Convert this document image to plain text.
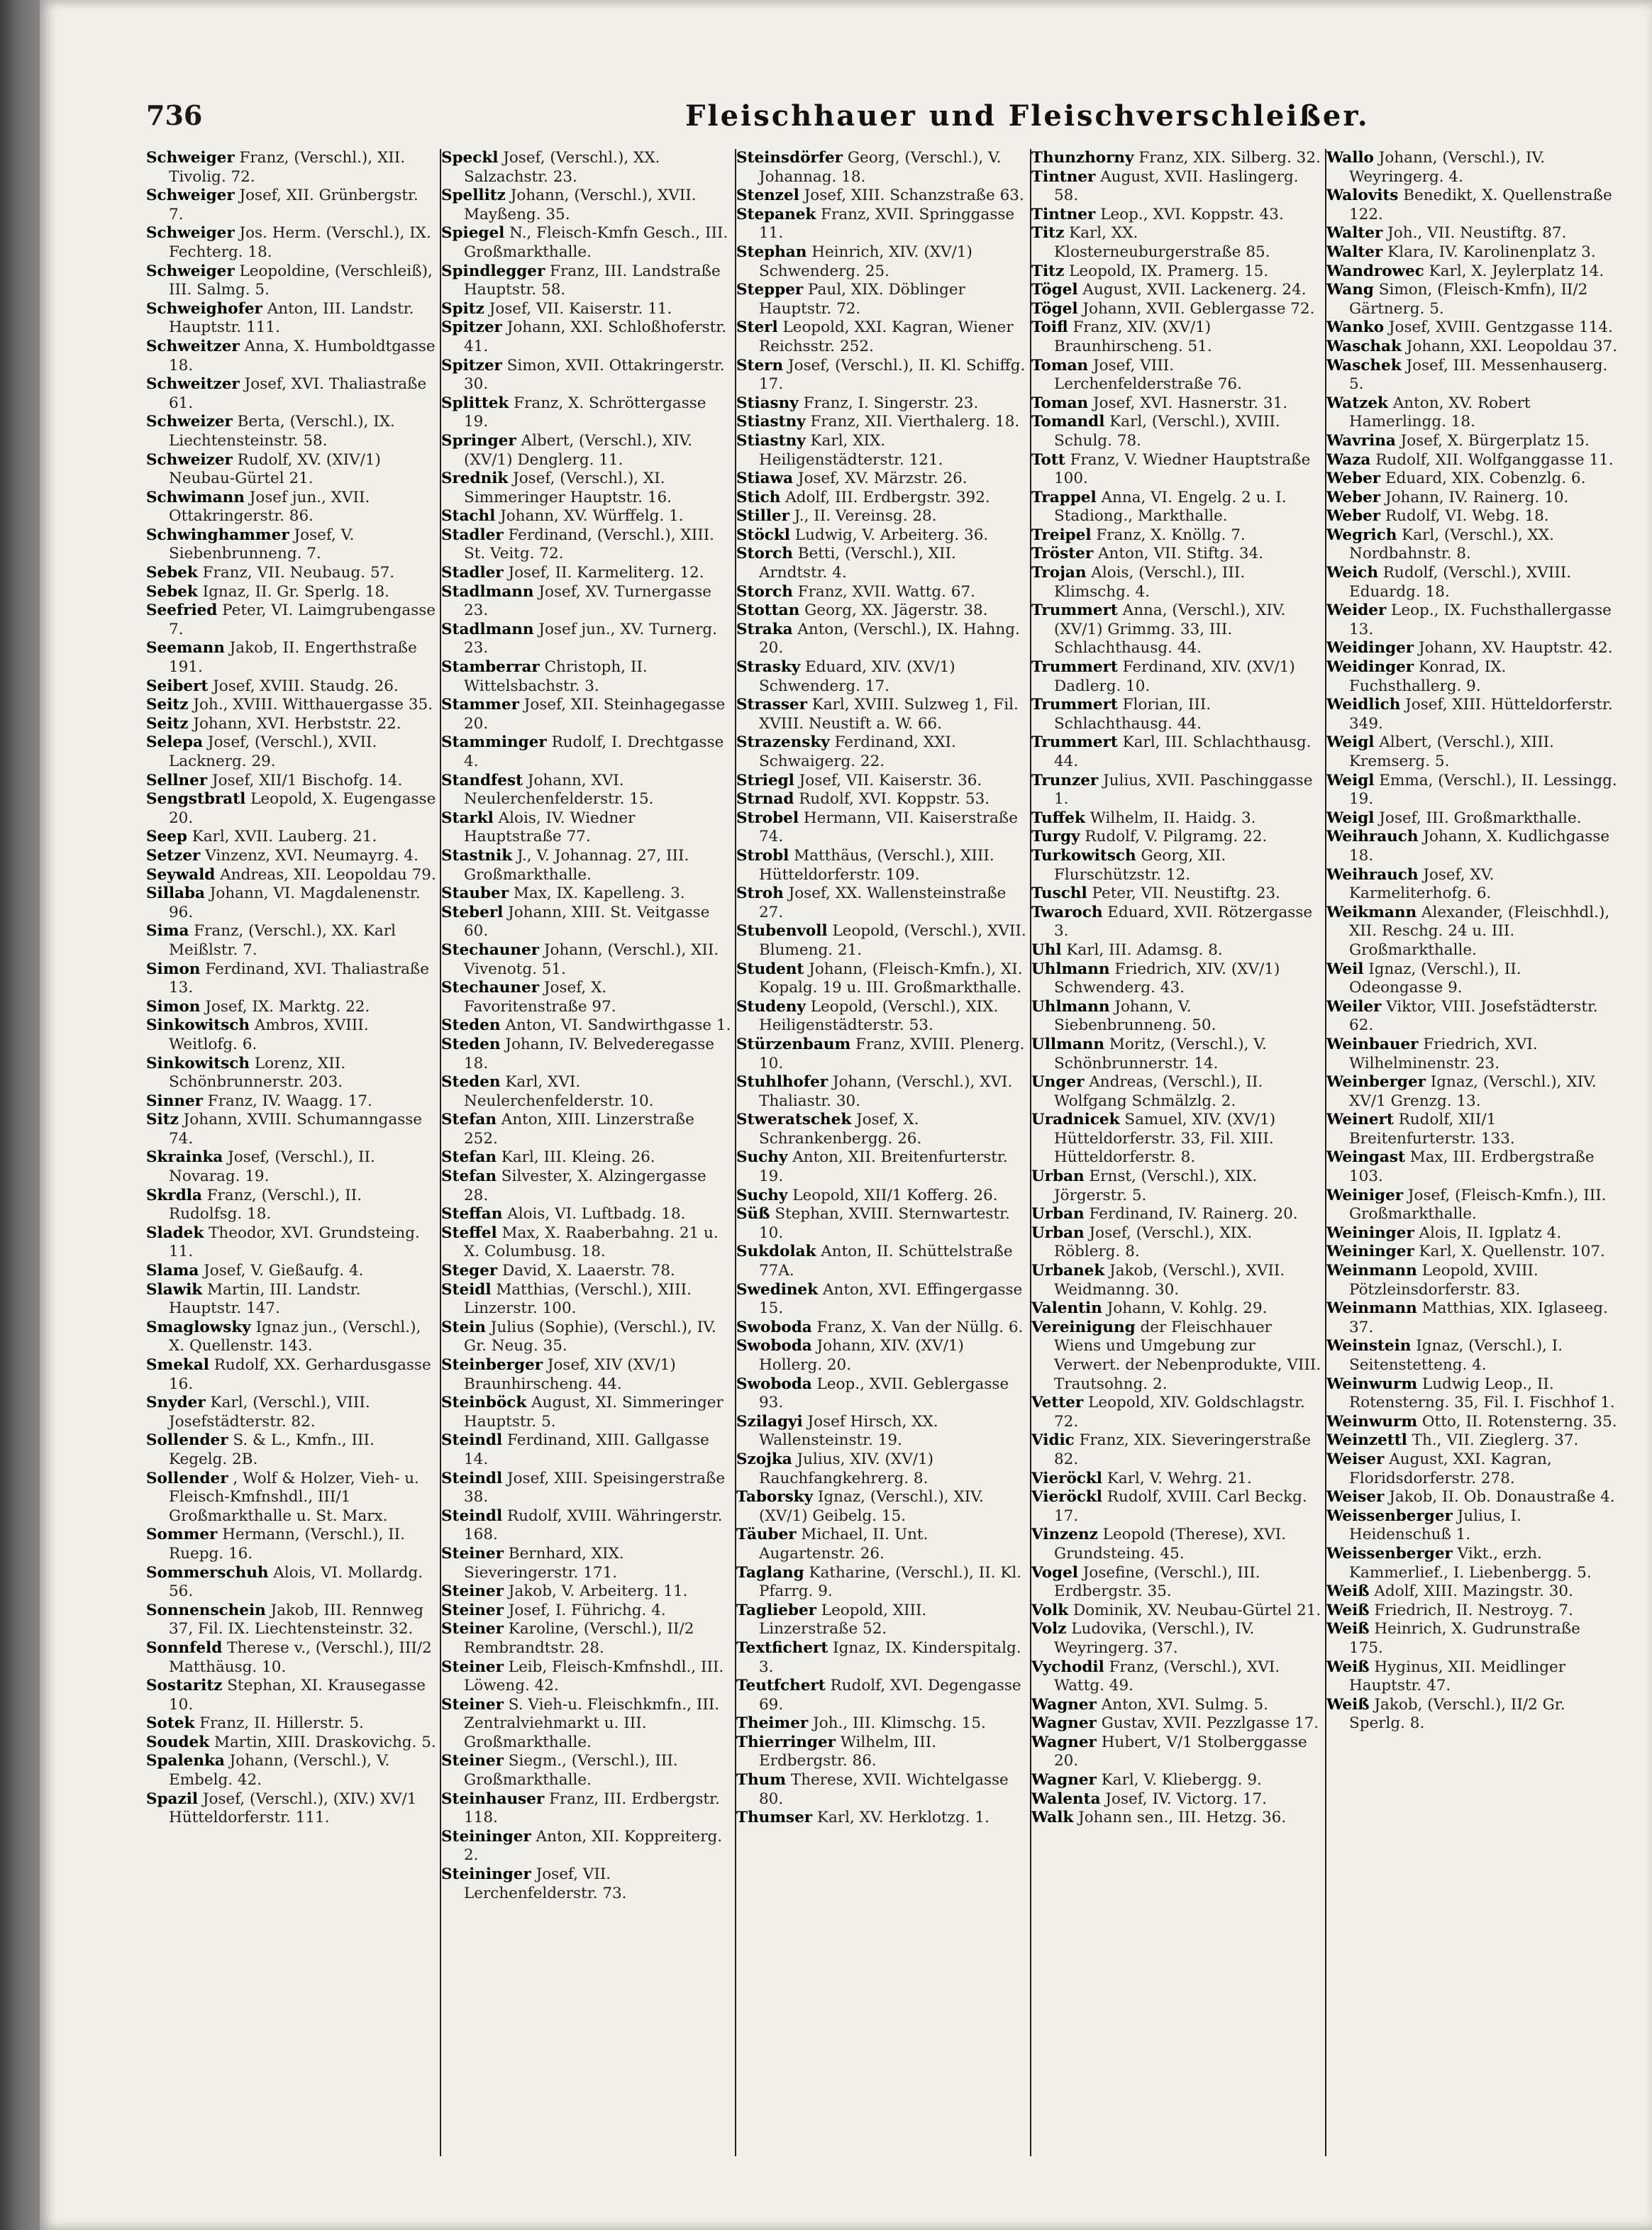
736	Fleischhauer und Fleischverschleißer.

Schweiger Franz, (Verschl.), XII. Tivolig. 72.

Schweiger Josef, XII. Grünbergstr. 7.

Schweiger Jos. Herm. (Verschl.), IX. Fechterg. 18.

Schweiger Leopoldine, (Verschleiß), III. Salmg. 5.

Schweighofer Anton, III. Landstr. Hauptstr. 111.

Schweitzer Anna, X. Humboldtgasse 18.

Schweitzer Josef, XVI. Thaliastraße 61.

Schweizer Berta, (Verschl.), IX. Liechtensteinstr. 58.

Schweizer Rudolf, XV. (XIV/1) Neubau-Gürtel 21.

Schwimann Josef jun., XVII. Ottakringerstr. 86.

Schwinghammer Josef, V. Siebenbrunneng. 7.

Sebek Franz, VII. Neubaug. 57.

Sebek Ignaz, II. Gr. Sperlg. 18.

Seefried Peter, VI. Laimgrubengasse 7.

Seemann Jakob, II. Engerthstraße 191.

Seibert Josef, XVIII. Staudg. 26.

Seitz Joh., XVIII. Witthauergasse 35.

Seitz Johann, XVI. Herbststr. 22.

Selepa Josef, (Verschl.), XVII. Lacknerg. 29.

Sellner Josef, XII/1 Bischofg. 14.

Sengstbratl Leopold, X. Eugengasse 20.

Seep Karl, XVII. Lauberg. 21.

Setzer Vinzenz, XVI. Neumayrg. 4.

Seywald Andreas, XII. Leopoldau 79.

Sillaba Johann, VI. Magdalenenstr. 96.

Sima Franz, (Verschl.), XX. Karl Meißlstr. 7.

Simon Ferdinand, XVI. Thaliastraße 13.

Simon Josef, IX. Marktg. 22.

Sinkowitsch Ambros, XVIII. Weitlofg. 6.

Sinkowitsch Lorenz, XII. Schönbrunnerstr. 203.

Sinner Franz, IV. Waagg. 17.

Sitz Johann, XVIII. Schumanngasse 74.

Skrainka Josef, (Verschl.), II. Novarag. 19.

Skrdla Franz, (Verschl.), II. Rudolfsg. 18.

Sladek Theodor, XVI. Grundsteing. 11.

Slama Josef, V. Gießaufg. 4.

Slawik Martin, III. Landstr. Hauptstr. 147.

Smaglowsky Ignaz jun., (Verschl.), X. Quellenstr. 143.

Smekal Rudolf, XX. Gerhardusgasse 16.

Snyder Karl, (Verschl.), VIII. Josefstädterstr. 82.

Sollender S. & L., Kmfn., III. Kegelg. 2B.

Sollender , Wolf & Holzer, Vieh- u. Fleisch-Kmfnshdl., III/1 Großmarkthalle u. St. Marx.

Sommer Hermann, (Verschl.), II. Ruepg. 16.

Sommerschuh Alois, VI. Mollardg. 56.

Sonnenschein Jakob, III. Rennweg 37, Fil. IX. Liechtensteinstr. 32.

Sonnfeld Therese v., (Verschl.), III/2 Matthäusg. 10.

Sostaritz Stephan, XI. Krausegasse 10.

Sotek Franz, II. Hillerstr. 5.

Soudek Martin, XIII. Draskovichg. 5.

Spalenka Johann, (Verschl.), V. Embelg. 42.

Spazil Josef, (Verschl.), (XIV.) XV/1 Hütteldorferstr. 111.

Speckl Josef, (Verschl.), XX. Salzachstr. 23.

Spellitz Johann, (Verschl.), XVII. Mayßeng. 35.

Spiegel N., Fleisch-Kmfn Gesch., III. Großmarkthalle.

Spindlegger Franz, III. Landstraße Hauptstr. 58.

Spitz Josef, VII. Kaiserstr. 11.

Spitzer Johann, XXI. Schloßhoferstr. 41.

Spitzer Simon, XVII. Ottakringerstr. 30.

Splittek Franz, X. Schröttergasse 19.

Springer Albert, (Verschl.), XIV. (XV/1) Denglerg. 11.

Srednik Josef, (Verschl.), XI. Simmeringer Hauptstr. 16.

Stachl Johann, XV. Würffelg. 1.

Stadler Ferdinand, (Verschl.), XIII. St. Veitg. 72.

Stadler Josef, II. Karmeliterg. 12.

Stadlmann Josef, XV. Turnergasse 23.

Stadlmann Josef jun., XV. Turnerg. 23.

Stamberrar Christoph, II. Wittelsbachstr. 3.

Stammer Josef, XII. Steinhagegasse 20.

Stamminger Rudolf, I. Drechtgasse 4.

Standfest Johann, XVI. Neulerchenfelderstr. 15.

Starkl Alois, IV. Wiedner Hauptstraße 77.

Stastnik J., V. Johannag. 27, III. Großmarkthalle.

Stauber Max, IX. Kapelleng. 3.

Steberl Johann, XIII. St. Veitgasse 60.

Stechauner Johann, (Verschl.), XII. Vivenotg. 51.

Stechauner Josef, X. Favoritenstraße 97.

Steden Anton, VI. Sandwirthgasse 1.

Steden Johann, IV. Belvederegasse 18.

Steden Karl, XVI. Neulerchenfelderstr. 10.

Stefan Anton, XIII. Linzerstraße 252.

Stefan Karl, III. Kleing. 26.

Stefan Silvester, X. Alzingergasse 28.

Steffan Alois, VI. Luftbadg. 18.

Steffel Max, X. Raaberbahng. 21 u. X. Columbusg. 18.

Steger David, X. Laaerstr. 78.

Steidl Matthias, (Verschl.), XIII. Linzerstr. 100.

Stein Julius (Sophie), (Verschl.), IV. Gr. Neug. 35.

Steinberger Josef, XIV (XV/1) Braunhirscheng. 44.

Steinböck August, XI. Simmeringer Hauptstr. 5.

Steindl Ferdinand, XIII. Gallgasse 14.

Steindl Josef, XIII. Speisingerstraße 38.

Steindl Rudolf, XVIII. Währingerstr. 168.

Steiner Bernhard, XIX. Sieveringerstr. 171.

Steiner Jakob, V. Arbeiterg. 11.

Steiner Josef, I. Führichg. 4.

Steiner Karoline, (Verschl.), II/2 Rembrandtstr. 28.

Steiner Leib, Fleisch-Kmfnshdl., III. Löweng. 42.

Steiner S. Vieh-u. Fleischkmfn., III. Zentralviehmarkt u. III. Großmarkthalle.

Steiner Siegm., (Verschl.), III. Großmarkthalle.

Steinhauser Franz, III. Erdbergstr. 118.

Steininger Anton, XII. Koppreiterg. 2.

Steininger Josef, VII. Lerchenfelderstr. 73.

Steinsdörfer Georg, (Verschl.), V. Johannag. 18.

Stenzel Josef, XIII. Schanzstraße 63.

Stepanek Franz, XVII. Springgasse 11.

Stephan Heinrich, XIV. (XV/1) Schwenderg. 25.

Stepper Paul, XIX. Döblinger Hauptstr. 72.

Sterl Leopold, XXI. Kagran, Wiener Reichsstr. 252.

Stern Josef, (Verschl.), II. Kl. Schiffg. 17.

Stiasny Franz, I. Singerstr. 23.

Stiastny Franz, XII. Vierthalerg. 18.

Stiastny Karl, XIX. Heiligenstädterstr. 121.

Stiawa Josef, XV. Märzstr. 26.

Stich Adolf, III. Erdbergstr. 392.

Stiller J., II. Vereinsg. 28.

Stöckl Ludwig, V. Arbeiterg. 36.

Storch Betti, (Verschl.), XII. Arndtstr. 4.

Storch Franz, XVII. Wattg. 67.

Stottan Georg, XX. Jägerstr. 38.

Straka Anton, (Verschl.), IX. Hahng. 20.

Strasky Eduard, XIV. (XV/1) Schwenderg. 17.

Strasser Karl, XVIII. Sulzweg 1, Fil. XVIII. Neustift a. W. 66.

Strazensky Ferdinand, XXI. Schwaigerg. 22.

Striegl Josef, VII. Kaiserstr. 36.

Strnad Rudolf, XVI. Koppstr. 53.

Strobel Hermann, VII. Kaiserstraße 74.

Strobl Matthäus, (Verschl.), XIII. Hütteldorferstr. 109.

Stroh Josef, XX. Wallensteinstraße 27.

Stubenvoll Leopold, (Verschl.), XVII. Blumeng. 21.

Student Johann, (Fleisch-Kmfn.), XI. Kopalg. 19 u. III. Großmarkthalle.

Studeny Leopold, (Verschl.), XIX. Heiligenstädterstr. 53.

Stürzenbaum Franz, XVIII. Plenerg. 10.

Stuhlhofer Johann, (Verschl.), XVI. Thaliastr. 30.

Stweratschek Josef, X. Schrankenbergg. 26.

Suchy Anton, XII. Breitenfurterstr. 19.

Suchy Leopold, XII/1 Kofferg. 26.

Süß Stephan, XVIII. Sternwartestr. 10.

Sukdolak Anton, II. Schüttelstraße 77A.

Swedinek Anton, XVI. Effingergasse 15.

Swoboda Franz, X. Van der Nüllg. 6.

Swoboda Johann, XIV. (XV/1) Hollerg. 20.

Swoboda Leop., XVII. Geblergasse 93.

Szilagyi Josef Hirsch, XX. Wallensteinstr. 19.

Szojka Julius, XIV. (XV/1) Rauchfangkehrerg. 8.

Taborsky Ignaz, (Verschl.), XIV. (XV/1) Geibelg. 15.

Täuber Michael, II. Unt. Augartenstr. 26.

Taglang Katharine, (Verschl.), II. Kl. Pfarrg. 9.

Taglieber Leopold, XIII. Linzerstraße 52.

Textfichert Ignaz, IX. Kinderspitalg. 3.

Teutfchert Rudolf, XVI. Degengasse 69.

Theimer Joh., III. Klimschg. 15.

Thierringer Wilhelm, III. Erdbergstr. 86.

Thum Therese, XVII. Wichtelgasse 80.

Thumser Karl, XV. Herklotzg. 1.

Thunzhorny Franz, XIX. Silberg. 32.

Tintner August, XVII. Haslingerg. 58.

Tintner Leop., XVI. Koppstr. 43.

Titz Karl, XX. Klosterneuburgerstraße 85.

Titz Leopold, IX. Pramerg. 15.

Tögel August, XVII. Lackenerg. 24.

Tögel Johann, XVII. Geblergasse 72.

Toifl Franz, XIV. (XV/1) Braunhirscheng. 51.

Toman Josef, VIII. Lerchenfelderstraße 76.

Toman Josef, XVI. Hasnerstr. 31.

Tomandl Karl, (Verschl.), XVIII. Schulg. 78.

Tott Franz, V. Wiedner Hauptstraße 100.

Trappel Anna, VI. Engelg. 2 u. I. Stadiong., Markthalle.

Treipel Franz, X. Knöllg. 7.

Tröster Anton, VII. Stiftg. 34.

Trojan Alois, (Verschl.), III. Klimschg. 4.

Trummert Anna, (Verschl.), XIV. (XV/1) Grimmg. 33, III. Schlachthausg. 44.

Trummert Ferdinand, XIV. (XV/1) Dadlerg. 10.

Trummert Florian, III. Schlachthausg. 44.

Trummert Karl, III. Schlachthausg. 44.

Trunzer Julius, XVII. Paschinggasse 1.

Tuffek Wilhelm, II. Haidg. 3.

Turgy Rudolf, V. Pilgramg. 22.

Turkowitsch Georg, XII. Flurschützstr. 12.

Tuschl Peter, VII. Neustiftg. 23.

Twaroch Eduard, XVII. Rötzergasse 3.

Uhl Karl, III. Adamsg. 8.

Uhlmann Friedrich, XIV. (XV/1) Schwenderg. 43.

Uhlmann Johann, V. Siebenbrunneng. 50.

Ullmann Moritz, (Verschl.), V. Schönbrunnerstr. 14.

Unger Andreas, (Verschl.), II. Wolfgang Schmälzlg. 2.

Uradnicek Samuel, XIV. (XV/1) Hütteldorferstr. 33, Fil. XIII. Hütteldorferstr. 8.

Urban Ernst, (Verschl.), XIX. Jörgerstr. 5.

Urban Ferdinand, IV. Rainerg. 20.

Urban Josef, (Verschl.), XIX. Röblerg. 8.

Urbanek Jakob, (Verschl.), XVII. Weidmanng. 30.

Valentin Johann, V. Kohlg. 29.

Vereinigung der Fleischhauer Wiens und Umgebung zur Verwert. der Nebenprodukte, VIII. Trautsohng. 2.

Vetter Leopold, XIV. Goldschlagstr. 72.

Vidic Franz, XIX. Sieveringerstraße 82.

Vieröckl Karl, V. Wehrg. 21.

Vieröckl Rudolf, XVIII. Carl Beckg. 17.

Vinzenz Leopold (Therese), XVI. Grundsteing. 45.

Vogel Josefine, (Verschl.), III. Erdbergstr. 35.

Volk Dominik, XV. Neubau-Gürtel 21.

Volz Ludovika, (Verschl.), IV. Weyringerg. 37.

Vychodil Franz, (Verschl.), XVI. Wattg. 49.

Wagner Anton, XVI. Sulmg. 5.

Wagner Gustav, XVII. Pezzlgasse 17.

Wagner Hubert, V/1 Stolberggasse 20.

Wagner Karl, V. Kliebergg. 9.

Walenta Josef, IV. Victorg. 17.

Walk Johann sen., III. Hetzg. 36.

Wallo Johann, (Verschl.), IV. Weyringerg. 4.

Walovits Benedikt, X. Quellenstraße 122.

Walter Joh., VII. Neustiftg. 87.

Walter Klara, IV. Karolinenplatz 3.

Wandrowec Karl, X. Jeylerplatz 14.

Wang Simon, (Fleisch-Kmfn), II/2 Gärtnerg. 5.

Wanko Josef, XVIII. Gentzgasse 114.

Waschak Johann, XXI. Leopoldau 37.

Waschek Josef, III. Messenhauserg. 5.

Watzek Anton, XV. Robert Hamerlingg. 18.

Wavrina Josef, X. Bürgerplatz 15.

Waza Rudolf, XII. Wolfganggasse 11.

Weber Eduard, XIX. Cobenzlg. 6.

Weber Johann, IV. Rainerg. 10.

Weber Rudolf, VI. Webg. 18.

Wegrich Karl, (Verschl.), XX. Nordbahnstr. 8.

Weich Rudolf, (Verschl.), XVIII. Eduardg. 18.

Weider Leop., IX. Fuchsthallergasse 13.

Weidinger Johann, XV. Hauptstr. 42.

Weidinger Konrad, IX. Fuchsthallerg. 9.

Weidlich Josef, XIII. Hütteldorferstr. 349.

Weigl Albert, (Verschl.), XIII. Kremserg. 5.

Weigl Emma, (Verschl.), II. Lessingg. 19.

Weigl Josef, III. Großmarkthalle.

Weihrauch Johann, X. Kudlichgasse 18.

Weihrauch Josef, XV. Karmeliterhofg. 6.

Weikmann Alexander, (Fleischhdl.), XII. Reschg. 24 u. III. Großmarkthalle.

Weil Ignaz, (Verschl.), II. Odeongasse 9.

Weiler Viktor, VIII. Josefstädterstr. 62.

Weinbauer Friedrich, XVI. Wilhelminenstr. 23.

Weinberger Ignaz, (Verschl.), XIV. XV/1 Grenzg. 13.

Weinert Rudolf, XII/1 Breitenfurterstr. 133.

Weingast Max, III. Erdbergstraße 103.

Weiniger Josef, (Fleisch-Kmfn.), III. Großmarkthalle.

Weininger Alois, II. Igplatz 4.

Weininger Karl, X. Quellenstr. 107.

Weinmann Leopold, XVIII. Pötzleinsdorferstr. 83.

Weinmann Matthias, XIX. Iglaseeg. 37.

Weinstein Ignaz, (Verschl.), I. Seitenstetteng. 4.

Weinwurm Ludwig Leop., II. Rotensterng. 35, Fil. I. Fischhof 1.

Weinwurm Otto, II. Rotensterng. 35.

Weinzettl Th., VII. Zieglerg. 37.

Weiser August, XXI. Kagran, Floridsdorferstr. 278.

Weiser Jakob, II. Ob. Donaustraße 4.

Weissenberger Julius, I. Heidenschuß 1.

Weissenberger Vikt., erzh. Kammerlief., I. Liebenbergg. 5.

Weiß Adolf, XIII. Mazingstr. 30.

Weiß Friedrich, II. Nestroyg. 7.

Weiß Heinrich, X. Gudrunstraße 175.

Weiß Hyginus, XII. Meidlinger Hauptstr. 47.

Weiß Jakob, (Verschl.), II/2 Gr. Sperlg. 8.
